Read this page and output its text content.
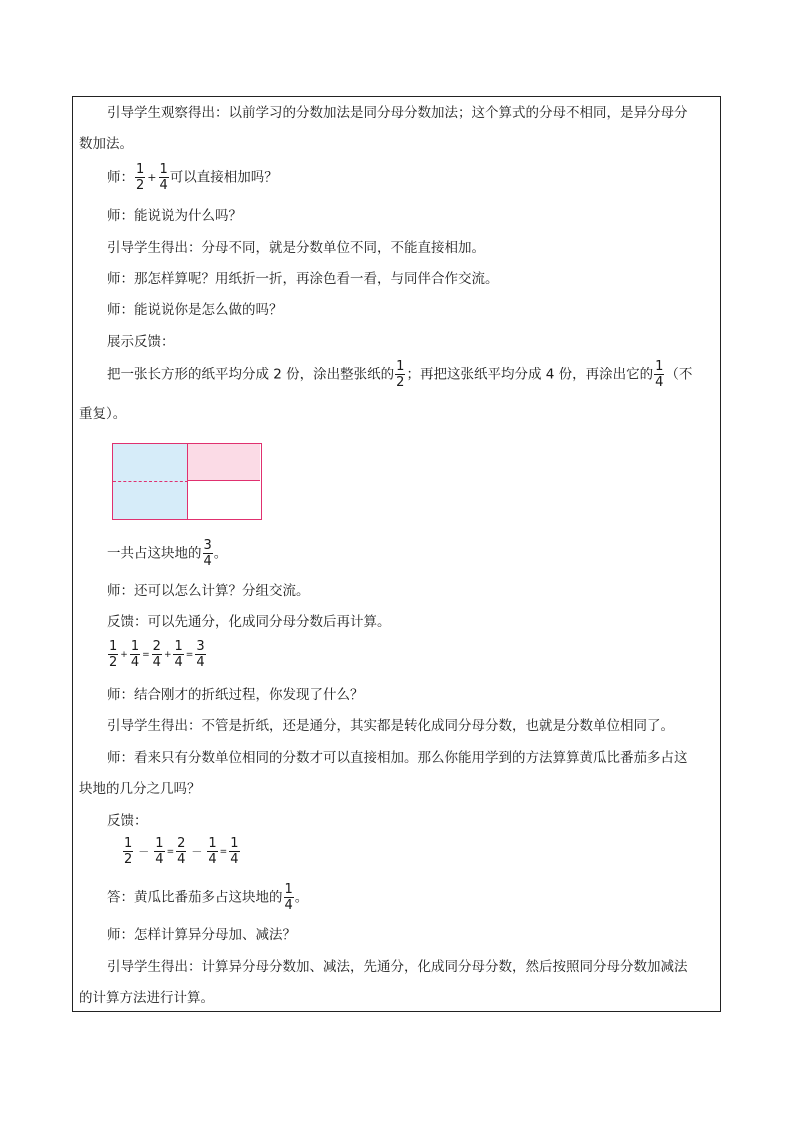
引导学生观察得出：以前学习的分数加法是同分母分数加法；这个算式的分母不相同，是异分母分
数加法。
师： $\frac{1}{2} + \frac{1}{4}$ 可以直接相加吗？
师：能说说为什么吗？
引导学生得出：分母不同，就是分数单位不同，不能直接相加。
师：那怎样算呢？用纸折一折，再涂色看一看，与同伴合作交流。
师：能说说你是怎么做的吗？
展示反馈：
把一张长方形的纸平均分成 2 份，涂出整张纸的 $\frac{1}{2}$ ；再把这张纸平均分成 4 份，再涂出它的 $\frac{1}{4}$ （不
重复）。
一共占这块地的 $\frac{3}{4}$ 。
师：还可以怎么计算？分组交流。
反馈：可以先通分，化成同分母分数后再计算。
$\frac{1}{2} + \frac{1}{4} = \frac{2}{4} + \frac{1}{4} = \frac{3}{4}$
师：结合刚才的折纸过程，你发现了什么？
引导学生得出：不管是折纸，还是通分，其实都是转化成同分母分数，也就是分数单位相同了。
师：看来只有分数单位相同的分数才可以直接相加。那么你能用学到的方法算算黄瓜比番茄多占这
块地的几分之几吗？
反馈：
$\frac{1}{2} - \frac{1}{4} = \frac{2}{4} - \frac{1}{4} = \frac{1}{4}$
答：黄瓜比番茄多占这块地的 $\frac{1}{4}$ 。
师：怎样计算异分母加、减法？
引导学生得出：计算异分母分数加、减法，先通分，化成同分母分数，然后按照同分母分数加减法
的计算方法进行计算。
